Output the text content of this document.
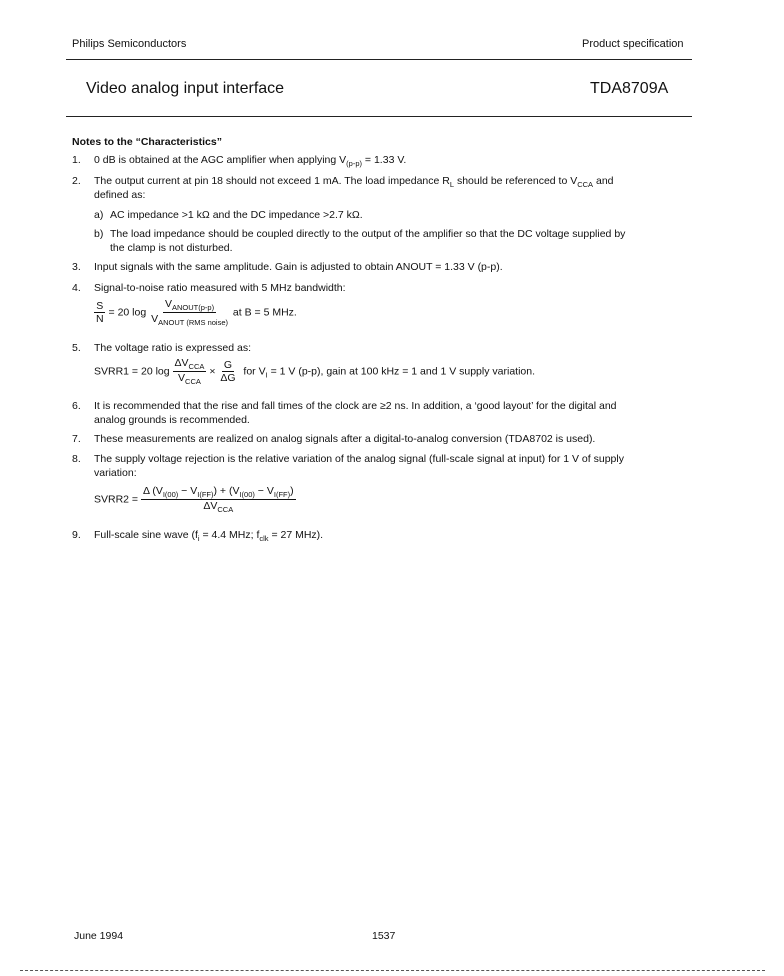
Philips Semiconductors	Product specification
Video analog input interface	TDA8709A
Notes to the “Characteristics”
1. 0 dB is obtained at the AGC amplifier when applying $V_{(p-p)} = 1.33$ V.
2. The output current at pin 18 should not exceed 1 mA. The load impedance $R_L$ should be referenced to $V_{CCA}$ and
defined as:
a) AC impedance >1 kΩ and the DC impedance >2.7 kΩ.
b) The load impedance should be coupled directly to the output of the amplifier so that the DC voltage supplied by
the clamp is not disturbed.
3. Input signals with the same amplitude. Gain is adjusted to obtain ANOUT = 1.33 V (p-p).
4. Signal-to-noise ratio measured with 5 MHz bandwidth:
$\frac{S}{N} = 20$ $\log \frac{V_{ANOUT(p-p)}}{V_{ANOUT (RMS noise)}}$ at B = 5 MHz.
5. The voltage ratio is expressed as:
SVRR1 = 20 $\log \frac{\Delta V_{CCA}}{V_{CCA}} \times \frac{G}{\Delta G}$ for $V_I = 1$ V (p-p), gain at 100 kHz = 1 and 1 V supply variation.
6. It is recommended that the rise and fall times of the clock are ≥2 ns. In addition, a ‘good layout’ for the digital and
analog grounds is recommended.
7. These measurements are realized on analog signals after a digital-to-analog conversion (TDA8702 is used).
8. The supply voltage rejection is the relative variation of the analog signal (full-scale signal at input) for 1 V of supply
variation:
SVRR2 = $\frac{\Delta (V_{I(00)} - V_{I(FF)}) + (V_{I(00)} - V_{I(FF)})}{\Delta V_{CCA}}$
9. Full-scale sine wave ($f_i = 4.4$ MHz; $f_{clk} = 27$ MHz).
June 1994	1537
